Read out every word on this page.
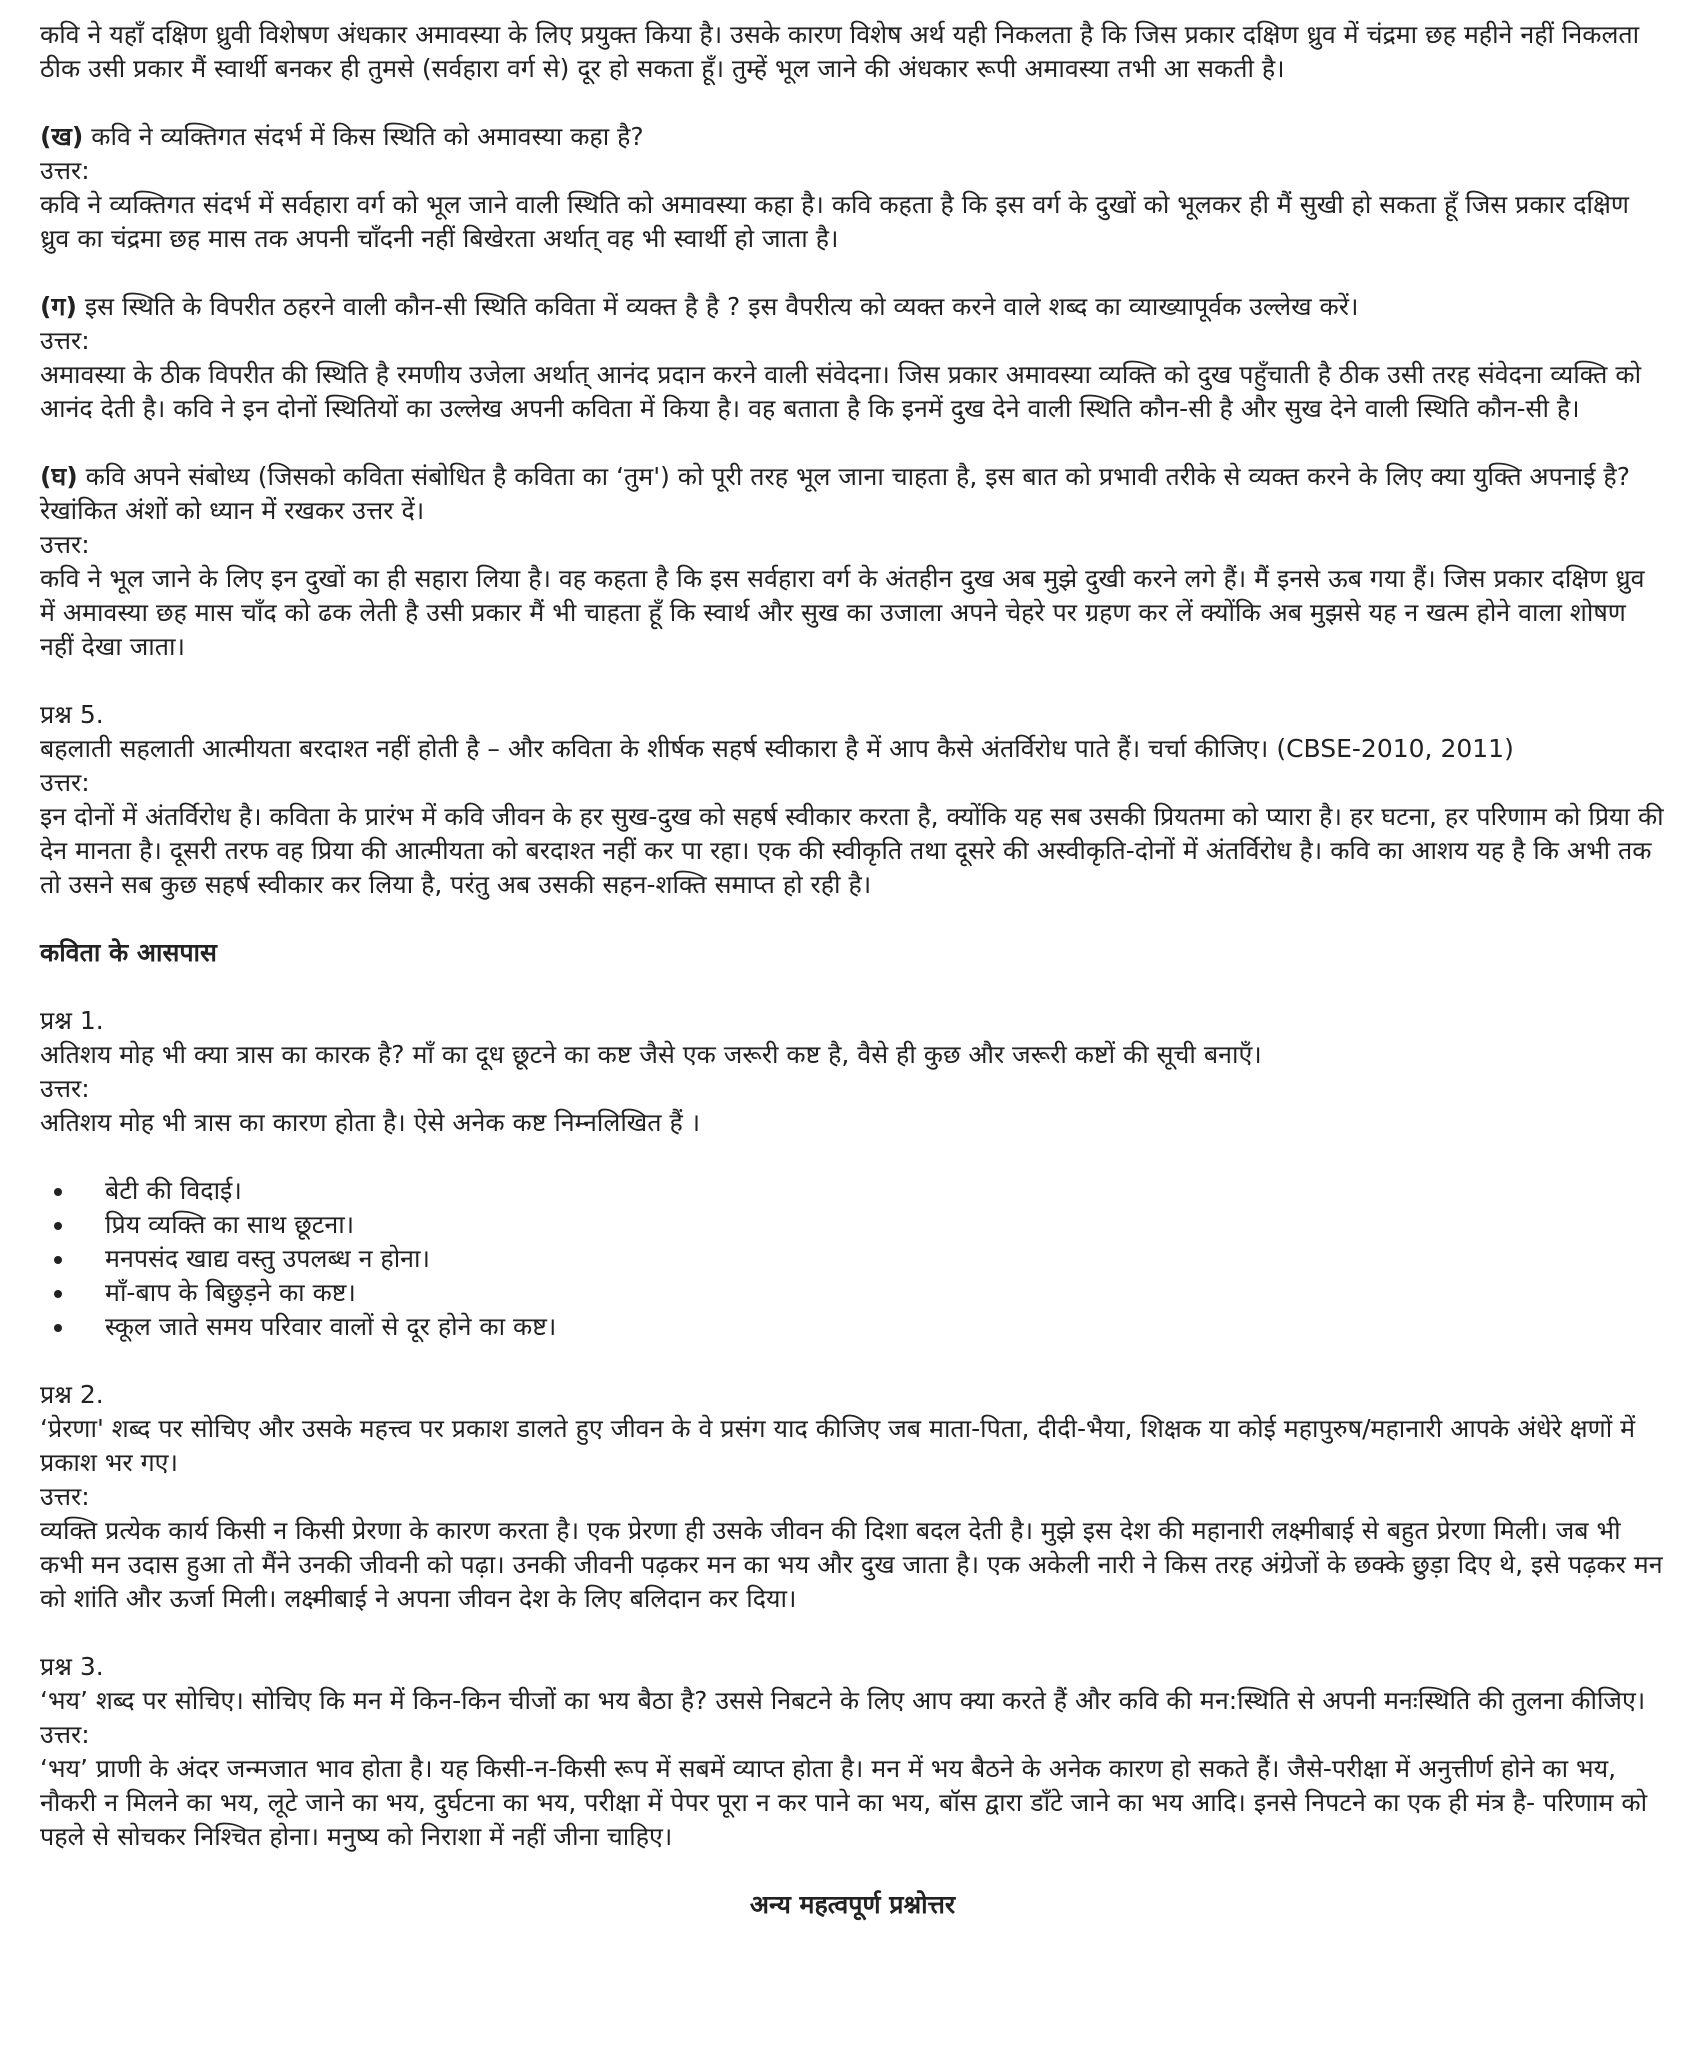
कवि ने यहाँ दक्षिण ध्रुवी विशेषण अंधकार अमावस्या के लिए प्रयुक्त किया है। उसके कारण विशेष अर्थ यही निकलता है कि जिस प्रकार दक्षिण ध्रुव में चंद्रमा छह महीने नहीं निकलता ठीक उसी प्रकार मैं स्वार्थी बनकर ही तुमसे (सर्वहारा वर्ग से) दूर हो सकता हूँ। तुम्हें भूल जाने की अंधकार रूपी अमावस्या तभी आ सकती है।

(ख) कवि ने व्यक्तिगत संदर्भ में किस स्थिति को अमावस्या कहा है?

उत्तर:

कवि ने व्यक्तिगत संदर्भ में सर्वहारा वर्ग को भूल जाने वाली स्थिति को अमावस्या कहा है। कवि कहता है कि इस वर्ग के दुखों को भूलकर ही मैं सुखी हो सकता हूँ जिस प्रकार दक्षिण ध्रुव का चंद्रमा छह मास तक अपनी चाँदनी नहीं बिखेरता अर्थात् वह भी स्वार्थी हो जाता है।

(ग) इस स्थिति के विपरीत ठहरने वाली कौन-सी स्थिति कविता में व्यक्त है है ? इस वैपरीत्य को व्यक्त करने वाले शब्द का व्याख्यापूर्वक उल्लेख करें।

उत्तर:

अमावस्या के ठीक विपरीत की स्थिति है रमणीय उजेला अर्थात् आनंद प्रदान करने वाली संवेदना। जिस प्रकार अमावस्या व्यक्ति को दुख पहुँचाती है ठीक उसी तरह संवेदना व्यक्ति को आनंद देती है। कवि ने इन दोनों स्थितियों का उल्लेख अपनी कविता में किया है। वह बताता है कि इनमें दुख देने वाली स्थिति कौन-सी है और सुख देने वाली स्थिति कौन-सी है।

(घ) कवि अपने संबोध्य (जिसको कविता संबोधित है कविता का ‘तुम') को पूरी तरह भूल जाना चाहता है, इस बात को प्रभावी तरीके से व्यक्त करने के लिए क्या युक्ति अपनाई है? रेखांकित अंशों को ध्यान में रखकर उत्तर दें।

उत्तर:

कवि ने भूल जाने के लिए इन दुखों का ही सहारा लिया है। वह कहता है कि इस सर्वहारा वर्ग के अंतहीन दुख अब मुझे दुखी करने लगे हैं। मैं इनसे ऊब गया हैं। जिस प्रकार दक्षिण ध्रुव में अमावस्या छह मास चाँद को ढक लेती है उसी प्रकार मैं भी चाहता हूँ कि स्वार्थ और सुख का उजाला अपने चेहरे पर ग्रहण कर लें क्योंकि अब मुझसे यह न खत्म होने वाला शोषण नहीं देखा जाता।

प्रश्न 5.

बहलाती सहलाती आत्मीयता बरदाश्त नहीं होती है – और कविता के शीर्षक सहर्ष स्वीकारा है में आप कैसे अंतर्विरोध पाते हैं। चर्चा कीजिए। (CBSE-2010, 2011)

उत्तर:

इन दोनों में अंतर्विरोध है। कविता के प्रारंभ में कवि जीवन के हर सुख-दुख को सहर्ष स्वीकार करता है, क्योंकि यह सब उसकी प्रियतमा को प्यारा है। हर घटना, हर परिणाम को प्रिया की देन मानता है। दूसरी तरफ वह प्रिया की आत्मीयता को बरदाश्त नहीं कर पा रहा। एक की स्वीकृति तथा दूसरे की अस्वीकृति-दोनों में अंतर्विरोध है। कवि का आशय यह है कि अभी तक तो उसने सब कुछ सहर्ष स्वीकार कर लिया है, परंतु अब उसकी सहन-शक्ति समाप्त हो रही है।

कविता के आसपास

प्रश्न 1.

अतिशय मोह भी क्या त्रास का कारक है? माँ का दूध छूटने का कष्ट जैसे एक जरूरी कष्ट है, वैसे ही कुछ और जरूरी कष्टों की सूची बनाएँ।

उत्तर:

अतिशय मोह भी त्रास का कारण होता है। ऐसे अनेक कष्ट निम्नलिखित हैं ।

बेटी की विदाई।
प्रिय व्यक्ति का साथ छूटना।
मनपसंद खाद्य वस्तु उपलब्ध न होना।
माँ-बाप के बिछुड़ने का कष्ट।
स्कूल जाते समय परिवार वालों से दूर होने का कष्ट।

प्रश्न 2.

‘प्रेरणा' शब्द पर सोचिए और उसके महत्त्व पर प्रकाश डालते हुए जीवन के वे प्रसंग याद कीजिए जब माता-पिता, दीदी-भैया, शिक्षक या कोई महापुरुष/महानारी आपके अंधेरे क्षणों में प्रकाश भर गए।

उत्तर:

व्यक्ति प्रत्येक कार्य किसी न किसी प्रेरणा के कारण करता है। एक प्रेरणा ही उसके जीवन की दिशा बदल देती है। मुझे इस देश की महानारी लक्ष्मीबाई से बहुत प्रेरणा मिली। जब भी कभी मन उदास हुआ तो मैंने उनकी जीवनी को पढ़ा। उनकी जीवनी पढ़कर मन का भय और दुख जाता है। एक अकेली नारी ने किस तरह अंग्रेजों के छक्के छुड़ा दिए थे, इसे पढ़कर मन को शांति और ऊर्जा मिली। लक्ष्मीबाई ने अपना जीवन देश के लिए बलिदान कर दिया।

प्रश्न 3.

‘भय’ शब्द पर सोचिए। सोचिए कि मन में किन-किन चीजों का भय बैठा है? उससे निबटने के लिए आप क्या करते हैं और कवि की मन:स्थिति से अपनी मनःस्थिति की तुलना कीजिए।

उत्तर:

‘भय’ प्राणी के अंदर जन्मजात भाव होता है। यह किसी-न-किसी रूप में सबमें व्याप्त होता है। मन में भय बैठने के अनेक कारण हो सकते हैं। जैसे-परीक्षा में अनुत्तीर्ण होने का भय, नौकरी न मिलने का भय, लूटे जाने का भय, दुर्घटना का भय, परीक्षा में पेपर पूरा न कर पाने का भय, बॉस द्वारा डाँटे जाने का भय आदि। इनसे निपटने का एक ही मंत्र है- परिणाम को पहले से सोचकर निश्चित होना। मनुष्य को निराशा में नहीं जीना चाहिए।

अन्य महत्वपूर्ण प्रश्नोत्तर
